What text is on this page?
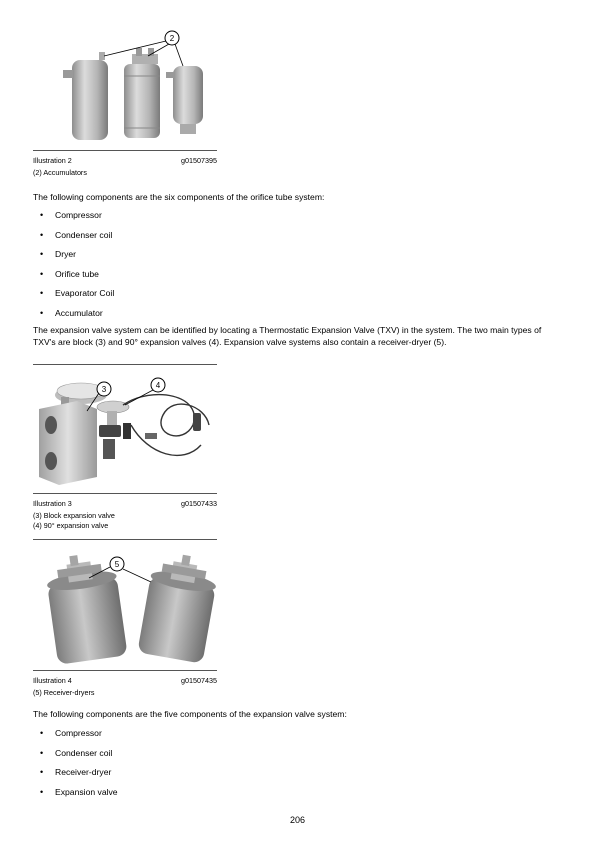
2
Illustration 2	g01507395
(2) Accumulators
The following components are the six components of the orifice tube system:
• Compressor
• Condenser coil
• Dryer
• Orifice tube
• Evaporator Coil
• Accumulator
The expansion valve system can be identified by locating a Thermostatic Expansion Valve (TXV) in the system. The two main types of TXV's are block (3) and 90° expansion valves (4). Expansion valve systems also contain a receiver-dryer (5).
3	4
Illustration 3	g01507433
(3) Block expansion valve
(4) 90° expansion valve
5
Illustration 4	g01507435
(5) Receiver-dryers
The following components are the five components of the expansion valve system:
• Compressor
• Condenser coil
• Receiver-dryer
• Expansion valve
206
